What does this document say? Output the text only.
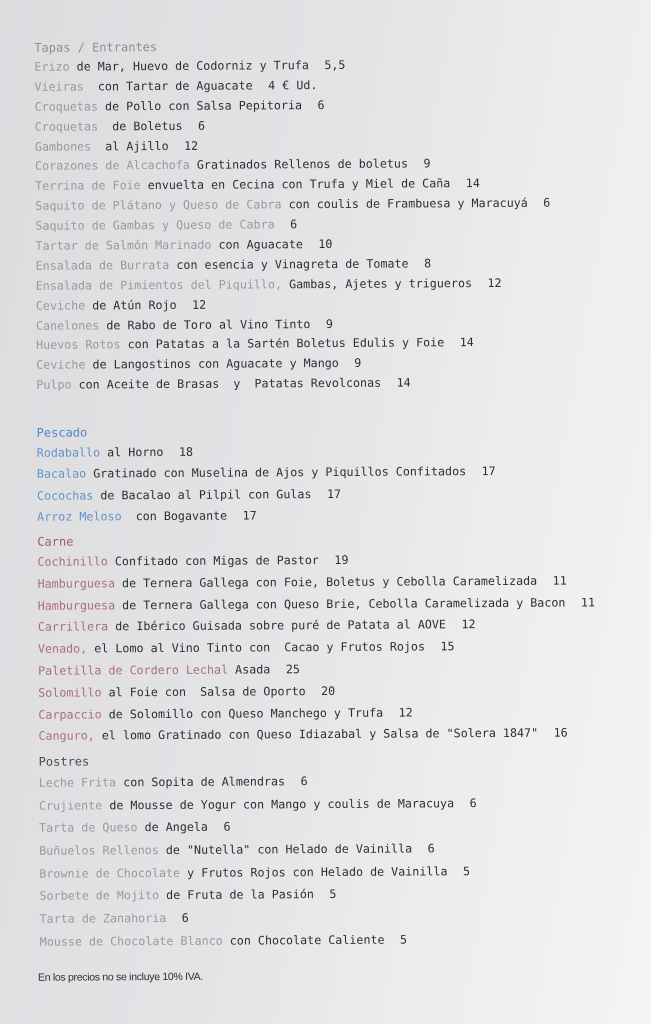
Tapas / Entrantes
Erizo de Mar, Huevo de Codorniz y Trufa 5,5
Vieiras  con Tartar de Aguacate 4 € Ud.
Croquetas de Pollo con Salsa Pepitoria 6
Croquetas  de Boletus 6
Gambones  al Ajillo 12
Corazones de Alcachofa Gratinados Rellenos de boletus 9
Terrina de Foie envuelta en Cecina con Trufa y Miel de Caña 14
Saquito de Plátano y Queso de Cabra con coulis de Frambuesa y Maracuyá 6
Saquito de Gambas y Queso de Cabra 6
Tartar de Salmón Marinado con Aguacate 10
Ensalada de Burrata con esencia y Vinagreta de Tomate 8
Ensalada de Pimientos del Piquillo, Gambas, Ajetes y trigueros 12
Ceviche de Atún Rojo 12
Canelones de Rabo de Toro al Vino Tinto 9
Huevos Rotos con Patatas a la Sartén Boletus Edulis y Foie 14
Ceviche de Langostinos con Aguacate y Mango 9
Pulpo con Aceite de Brasas  y  Patatas Revolconas 14
Pescado
Rodaballo al Horno 18
Bacalao Gratinado con Muselina de Ajos y Piquillos Confitados 17
Cocochas de Bacalao al Pilpil con Gulas 17
Arroz Meloso  con Bogavante 17
Carne
Cochinillo Confitado con Migas de Pastor 19
Hamburguesa de Ternera Gallega con Foie, Boletus y Cebolla Caramelizada 11
Hamburguesa de Ternera Gallega con Queso Brie, Cebolla Caramelizada y Bacon 11
Carrillera de Ibérico Guisada sobre puré de Patata al AOVE 12
Venado, el Lomo al Vino Tinto con  Cacao y Frutos Rojos 15
Paletilla de Cordero Lechal Asada 25
Solomillo al Foie con  Salsa de Oporto 20
Carpaccio de Solomillo con Queso Manchego y Trufa 12
Canguro, el lomo Gratinado con Queso Idiazabal y Salsa de "Solera 1847" 16
Postres
Leche Frita con Sopita de Almendras 6
Crujiente de Mousse de Yogur con Mango y coulis de Maracuya 6
Tarta de Queso de Angela 6
Buñuelos Rellenos de "Nutella" con Helado de Vainilla 6
Brownie de Chocolate y Frutos Rojos con Helado de Vainilla 5
Sorbete de Mojito de Fruta de la Pasión 5
Tarta de Zanahoria 6
Mousse de Chocolate Blanco con Chocolate Caliente 5
En los precios no se incluye 10% IVA.
